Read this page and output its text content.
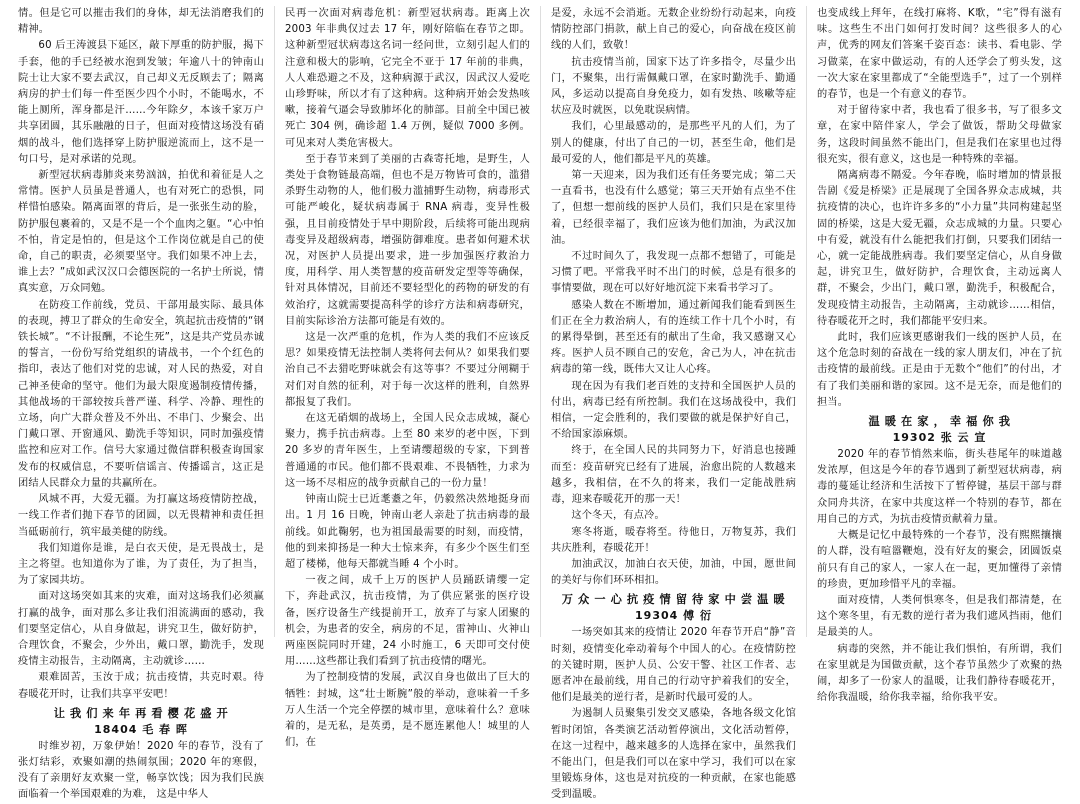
情。但是它可以摧击我们的身体，却无法消磨我们的精神。

60 后王涛渡县下延区，敲下厚重的防护服，揭下手套，他的手已经被水泡到发皱；年逾八十的钟南山院士让大家不要去武汉，自己却义无反顾去了；隔离病房的护士们每一件至医少四个小时，不能喝水，不能上厕所，浑身都是汗……今年除夕，本该千家万户共享团圆，其乐融融的日子，但面对疫情这场没有硝烟的战斗，他们选择穿上防护服逆流而上，这不是一句口号，是对承诺的兑现。

新型冠状病毒肺炎来势汹汹，拍优和着征是人之常情。医护人员虽是普通人，也有对死亡的恐惧，同样惜怕感染。隔离面罩的背后，是一张张生动的脸，防护服包裹着的，又是不是一个个血肉之躯。“心中怕不怕，肯定是怕的，但是这个工作岗位就是自己的使命，自己的职责，必须要坚守。我们如果不冲上去，谁上去？”成如武汉汉口会德医院的一名护士所说，情真实意，万众同勉。

在防疫工作前线，党员、干部用最实际、最具体的表现，搏卫了群众的生命安全，筑起抗击疫情的“钢铁长城”。“不计报酬，不论生死”，这是共产党员赤诚的誓言，一份份写给党组织的请战书，一个个红色的指印，表达了他们对党的忠诚，对人民的热爱，对自己神圣使命的坚守。他们为最大限度遏制疫情传播，其他战场的干部较按兵普严谨、科学、冷静、理性的立场，向广大群众普及不外出、不串门、少聚会、出门戴口罩、开窗通风、勤洗手等知识，同时加强疫情监控和应对工作。信号大家通过微信群积极查询国家发布的权威信息，不要听信谣言、传播谣言，这正是团结人民群众力量的共赢所在。

风城不再，大爱无疆。为打赢这场疫情防控战，一线工作者们抛下春节的团圆，以无畏精神和责任担当砥砺前行，筑牢最美健的防线。

我们知道你是谁，是白衣天使，是无畏战士，是主之将望。也知道你为了谁，为了责任，为了担当，为了家园共坊。

面对这场突如其来的灾难，面对这场我们必须赢打赢的战争，面对那么多让我们泪流满面的感动，我们要坚定信心，从自身做起，讲究卫生，做好防护，合理饮食，不聚会，少外出，戴口罩，勤洗手，发现疫情主动报告，主动隔离，主动就诊……

艰难固苦，玉汝于成；抗击疫情，共克时艰。待春暖花开时，让我们共享平安吧！

让 我 们 来 年 再 看 樱 花 盛 开
18404 毛 春 晖

时维岁初，万象伊始！2020 年的春节，没有了张灯结彩，欢聚如潮的热闹氛围；2020 年的寒假，没有了亲朋好友欢聚一堂，畅享饮饯；因为我们民族面临着一个举国艰难的为难， 这是中华人

民再一次面对病毒危机：新型冠状病毒。距离上次 2003 年非典仅过去 17 年，刚好陪临在春节之即。这种新型冠状病毒这名词一经问世，立刻引起人们的注意和极大的影响，它完全不亚于 17 年前的非典，人人难恐避之不及，这种病源于武汉，因武汉人爱吃山珍野味，所以才有了这种病。这种病开始会发热咳嗽，接着气逼会导致肺坏化的肺部。目前全中国已被死亡 304 例，确诊超 1.4 万例，疑似 7000 多例。可见来对人类危害极大。

至于春节来到了美丽的古森寄托地，是野生，人类处于食物链最高端，但也不是万物皆可食的，滥猎杀野生动物的人，他们极力滥捕野生动物，病毒形式可能严峻化，疑状病毒属于 RNA 病毒，变异性极强，且目前疫情处于早中期阶段，后续将可能出现病毒变异及超级病毒，增强防御难度。患者如何避术状况，对医护人员提出要求，进一步加强医疗救治力度，用科学、用人类智慧的疫苗研发定型等等确保，针对具体情况，目前还不要轻型化的药物的研发的有效治疗，这就需要提高科学的诊疗方法和病毒研究，目前实际诊治方法都可能是有效的。

这是一次严重的危机，作为人类的我们不应该反思？如果疫情无法控制人类将何去何从？如果我们要治自己不去猎吃野味就会有这等事？不要过分闸糊于对们对自然的征利，对于每一次这样的胜利，自然界都报复了我们。

在这无硝烟的战场上，全国人民众志成城，凝心聚力，携手抗击病毒。上至 80 来岁的老中医，下到 20 多岁的青年医生，上至请缨超级的专家，下到普普通通的市民。他们都不畏艰难、不畏牺牲，力求为这一场不尽相应的战争贡献自己的一份力量！

钟南山院士已近耄耋之年，仍毅然决然地挺身而出。1 月 16 日晚，钟南山老人亲赴了抗击病毒的最前线。如此鞠躬，也为祖国最需要的时刻，而疫情，他的到来抑扬是一种大士惊来奔，有多少个医生们至超了楼梯，他每天都就当睡 4 个小时。

一夜之间，成千上万的医护人员踊跃请缨一定下，奔赴武汉，抗击疫情，为了供应紧张的医疗设备，医疗设备生产线提前开工，放弃了与家人团聚的机会，为患者的安全，病房的不足，雷神山、火神山两座医院同时开建，24 小时施工，6 天即可交付使用……这些都让我们看到了抗击疫情的曙光。

为了控制疫情的发展，武汉自身也做出了巨大的牺牲：封城，这“壮士断腕”般的举动，意味着一千多万人生活一个完全停摆的城市里，意味着什么？意味着的，是无私，是英勇，是不愿连累他人！城里的人们，在

是爱，永远不会消逝。无数企业纷纷行动起来，向疫情防控部门捐款，献上自己的爱心，向奋战在疫区前线的人们，致敬！

抗击疫情当前，国家下达了许多指令，尽量少出门，不聚集，出行需佩戴口罩，在家时勤洗手、勤通风，多运动以提高自身免疫力，如有发热、咳嗽等症状应及时就医，以免耽误病情。

我们，心里最感动的，是那些平凡的人们，为了别人的健康，付出了自己的一切，甚至生命，他们是最可爱的人，他们都是平凡的英雄。

第一天迎来，因为我们还有任务要完成；第二天一直看书，也没有什么感觉；第三天开始有点坐不住了，但想一想前线的医护人员们，我们只是在家里待着，已经很幸福了，我们应该为他们加油，为武汉加油。

不过时间久了，我发现一点都不想错了，可能是习惯了吧。平常我平时不出门的时候，总是有很多的事情要做，现在可以好好地沉淀下来看书学习了。

感染人数在不断增加，通过新闻我们能看到医生们正在全力救治病人，有的连续工作十几个小时，有的累得晕倒，甚至还有的献出了生命，我又感谢又心疼。医护人员不顾自己的安危，舍己为人，冲在抗击病毒的第一线，既伟大又让人心疼。

现在因为有我们老百姓的支持和全国医护人员的付出，病毒已经有所控制。我们在这场战役中，我们相信，一定会胜利的，我们要做的就是保护好自己，不给国家添麻烦。

终于，在全国人民的共同努力下，好消息也接踵而至：疫苗研究已经有了进展，治愈出院的人数越来越多，我相信，在不久的将来，我们一定能战胜病毒，迎来春暖花开的那一天！

这个冬天，有点冷。

寒冬将逝，暖春将至。待他日，万物复苏，我们共庆胜利，春暖花开！

加油武汉，加油白衣天使，加油，中国，愿世间的美好与你们环环相扣。

万 众 一 心 抗 疫 情 留 待 家 中 尝 温 暖
19304 傅 衍

一场突如其来的疫情让 2020 年春节开启“静”音时刻，疫情变化牵动着每个中国人的心。在疫情防控的关键时期，医护人员、公安干警、社区工作者、志愿者冲在最前线，用自己的行动守护着我们的安全，他们是最美的逆行者，是新时代最可爱的人。

为遏制人员聚集引发交叉感染，各地各级文化馆暂时闭馆，各类演艺活动暂停演出，文化活动暂停，在这一过程中，越来越多的人选择在家中，虽然我们不能出门，但是我们可以在家中学习，我们可以在家里锻炼身体，这也是对抗疫的一种贡献，在家也能感受到温暖。

也变成线上拜年，在线打麻将、K歌，“宅”得有滋有味。这些生不出门如何打发时间？这些很多人的心声，优秀的网友们答案千姿百态：读书、看电影、学习做菜，在家中做运动，有的人还学会了剪头发，这一次大家在家里都成了“全能型选手”，过了一个别样的春节，也是一个有意义的春节。

对于留待家中者，我也看了很多书，写了很多文章，在家中陪伴家人，学会了做饭，帮助父母做家务，这段时间虽然不能出门，但是我们在家里也过得很充实，很有意义，这也是一种特殊的幸福。

隔离病毒不隔爱。今年春晚，临时增加的情景报告剧《爱是桥梁》正是展现了全国各界众志成城，共抗疫情的决心，也许许多多的“小力量”共同构建起坚固的桥梁，这是大爱无疆，众志成城的力量。只要心中有爱，就没有什么能把我们打倒，只要我们团结一心，就一定能战胜病毒。我们要坚定信心，从自身做起，讲究卫生，做好防护，合理饮食，主动远离人群，不聚会，少出门，戴口罩，勤洗手，积极配合，发现疫情主动报告，主动隔离，主动就诊……相信，待春暖花开之时，我们都能平安归来。

此时，我们应该更感谢我们一线的医护人员，在这个危急时刻的奋战在一线的家人朋友们，冲在了抗击疫情的最前线。正是由于无数个“他们”的付出，才有了我们美丽和谐的家园。这不是无奈，而是他们的担当。

温 暖 在 家 ， 幸 福 你 我
19302 张 云 宣

2020 年的春节悄然来临，街头巷尾年的味道越发浓厚，但这是今年的春节遇到了新型冠状病毒，病毒的蔓延让经济和生活按下了暂停键，基层干部与群众同舟共济，在家中共度这样一个特别的春节，都在用自己的方式，为抗击疫情贡献着力量。

大概是记忆中最特殊的一个春节，没有熙熙攘攘的人群，没有喧嚣鞭炮，没有好友的聚会，团圆饭桌前只有自己的家人，一家人在一起，更加懂得了亲情的珍贵，更加珍惜平凡的幸福。

面对疫情，人类何惧寒冬，但是我们都清楚，在这个寒冬里，有无数的逆行者为我们遮风挡雨，他们是最美的人。

病毒的突然，并不能让我们惧怕，有所谓，我们在家里就是为国做贡献，这个春节虽然少了欢聚的热闹，却多了一份家人的温暖，让我们静待春暖花开，给你我温暖，给你我幸福，给你我平安。
